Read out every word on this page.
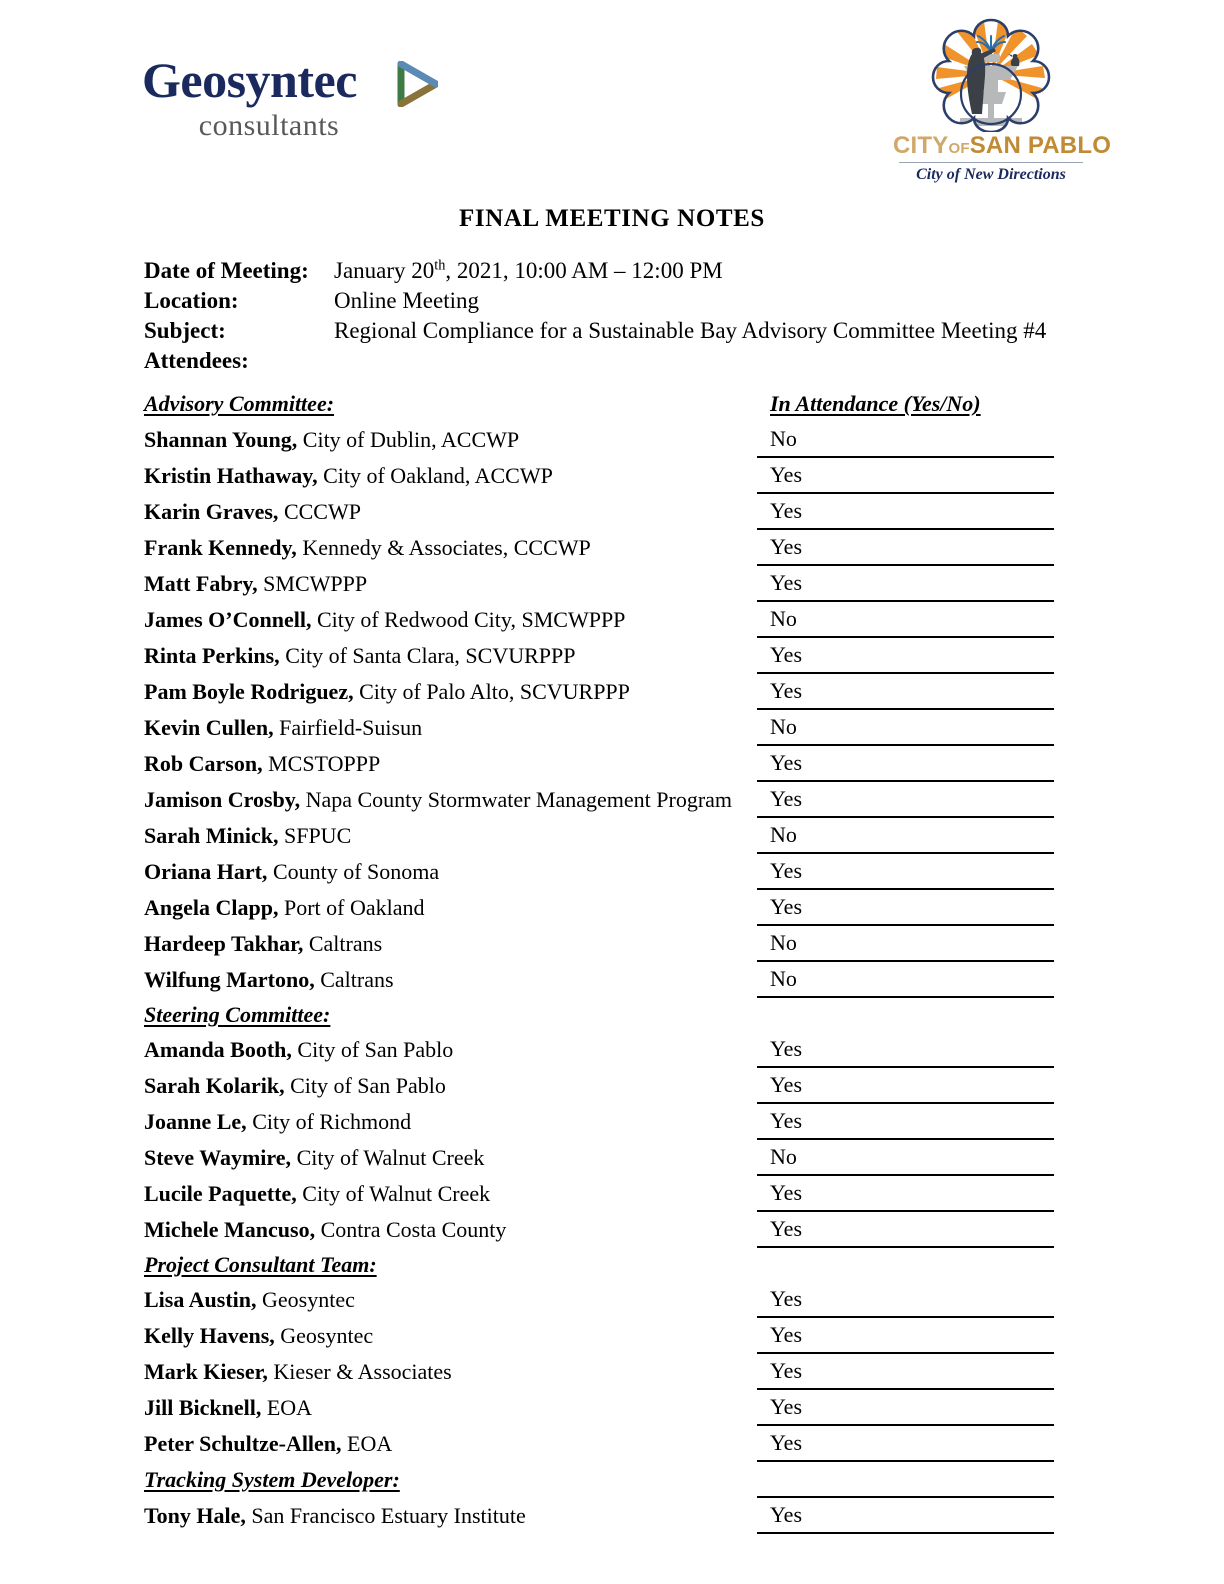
Geosyntec
consultants
CITYOFSAN PABLO
City of New Directions
FINAL MEETING NOTES
Date of Meeting:	January 20th, 2021, 10:00 AM – 12:00 PM
Location:	Online Meeting
Subject:	Regional Compliance for a Sustainable Bay Advisory Committee Meeting #4
Attendees:
Advisory Committee:	In Attendance (Yes/No)
Shannan Young, City of Dublin, ACCWP	No
Kristin Hathaway, City of Oakland, ACCWP	Yes
Karin Graves, CCCWP	Yes
Frank Kennedy, Kennedy & Associates, CCCWP	Yes
Matt Fabry, SMCWPPP	Yes
James O’Connell, City of Redwood City, SMCWPPP	No
Rinta Perkins, City of Santa Clara, SCVURPPP	Yes
Pam Boyle Rodriguez, City of Palo Alto, SCVURPPP	Yes
Kevin Cullen, Fairfield-Suisun	No
Rob Carson, MCSTOPPP	Yes
Jamison Crosby, Napa County Stormwater Management Program	Yes
Sarah Minick, SFPUC	No
Oriana Hart, County of Sonoma	Yes
Angela Clapp, Port of Oakland	Yes
Hardeep Takhar, Caltrans	No
Wilfung Martono, Caltrans	No
Steering Committee:	
Amanda Booth, City of San Pablo	Yes
Sarah Kolarik, City of San Pablo	Yes
Joanne Le, City of Richmond	Yes
Steve Waymire, City of Walnut Creek	No
Lucile Paquette, City of Walnut Creek	Yes
Michele Mancuso, Contra Costa County	Yes
Project Consultant Team:	
Lisa Austin, Geosyntec	Yes
Kelly Havens, Geosyntec	Yes
Mark Kieser, Kieser & Associates	Yes
Jill Bicknell, EOA	Yes
Peter Schultze-Allen, EOA	Yes
Tracking System Developer:	
Tony Hale, San Francisco Estuary Institute	Yes
